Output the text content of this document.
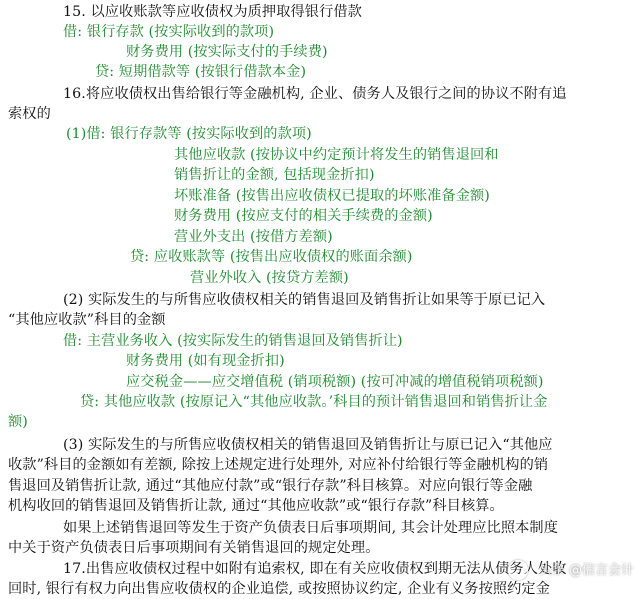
15. 以应收账款等应收债权为质押取得银行借款
借: 银行存款 (按实际收到的款项)
财务费用 (按实际支付的手续费)
贷: 短期借款等 (按银行借款本金)
16.将应收债权出售给银行等金融机构, 企业、债务人及银行之间的协议不附有追
索权的
(1)借: 银行存款等 (按实际收到的款项)
其他应收款 (按协议中约定预计将发生的销售退回和
销售折让的金额, 包括现金折扣)
坏账准备 (按售出应收债权已提取的坏账准备金额)
财务费用 (按应支付的相关手续费的金额)
营业外支出 (按借方差额)
贷: 应收账款等 (按售出应收债权的账面余额)
营业外收入 (按贷方差额)
(2) 实际发生的与所售应收债权相关的销售退回及销售折让如果等于原已记入
“其他应收款”科目的金额
借: 主营业务收入 (按实际发生的销售退回及销售折让)
财务费用 (如有现金折扣)
应交税金——应交增值税 (销项税额) (按可冲减的增值税销项税额)
贷: 其他应收款 (按原记入“其他应收款。’科目的预计销售退回和销售折让金
额)
(3) 实际发生的与所售应收债权相关的销售退回及销售折让与原已记入“其他应
收款”科目的金额如有差额, 除按上述规定进行处理外, 对应补付给银行等金融机构的销
售退回及销售折让款, 通过“其他应付款”或“银行存款”科目核算。对应向银行等金融
机构收回的销售退回及销售折让款, 通过“其他应收款”或“银行存款”科目核算。
如果上述销售退回等发生于资产负债表日后事项期间, 其会计处理应比照本制度
中关于资产负债表日后事项期间有关销售退回的规定处理。
17.出售应收债权过程中如附有追索权, 即在有关应收债权到期无法从债务人处收
回时, 银行有权力向出售应收债权的企业追偿, 或按照协议约定, 企业有义务按照约定金
头条 @信言会计
